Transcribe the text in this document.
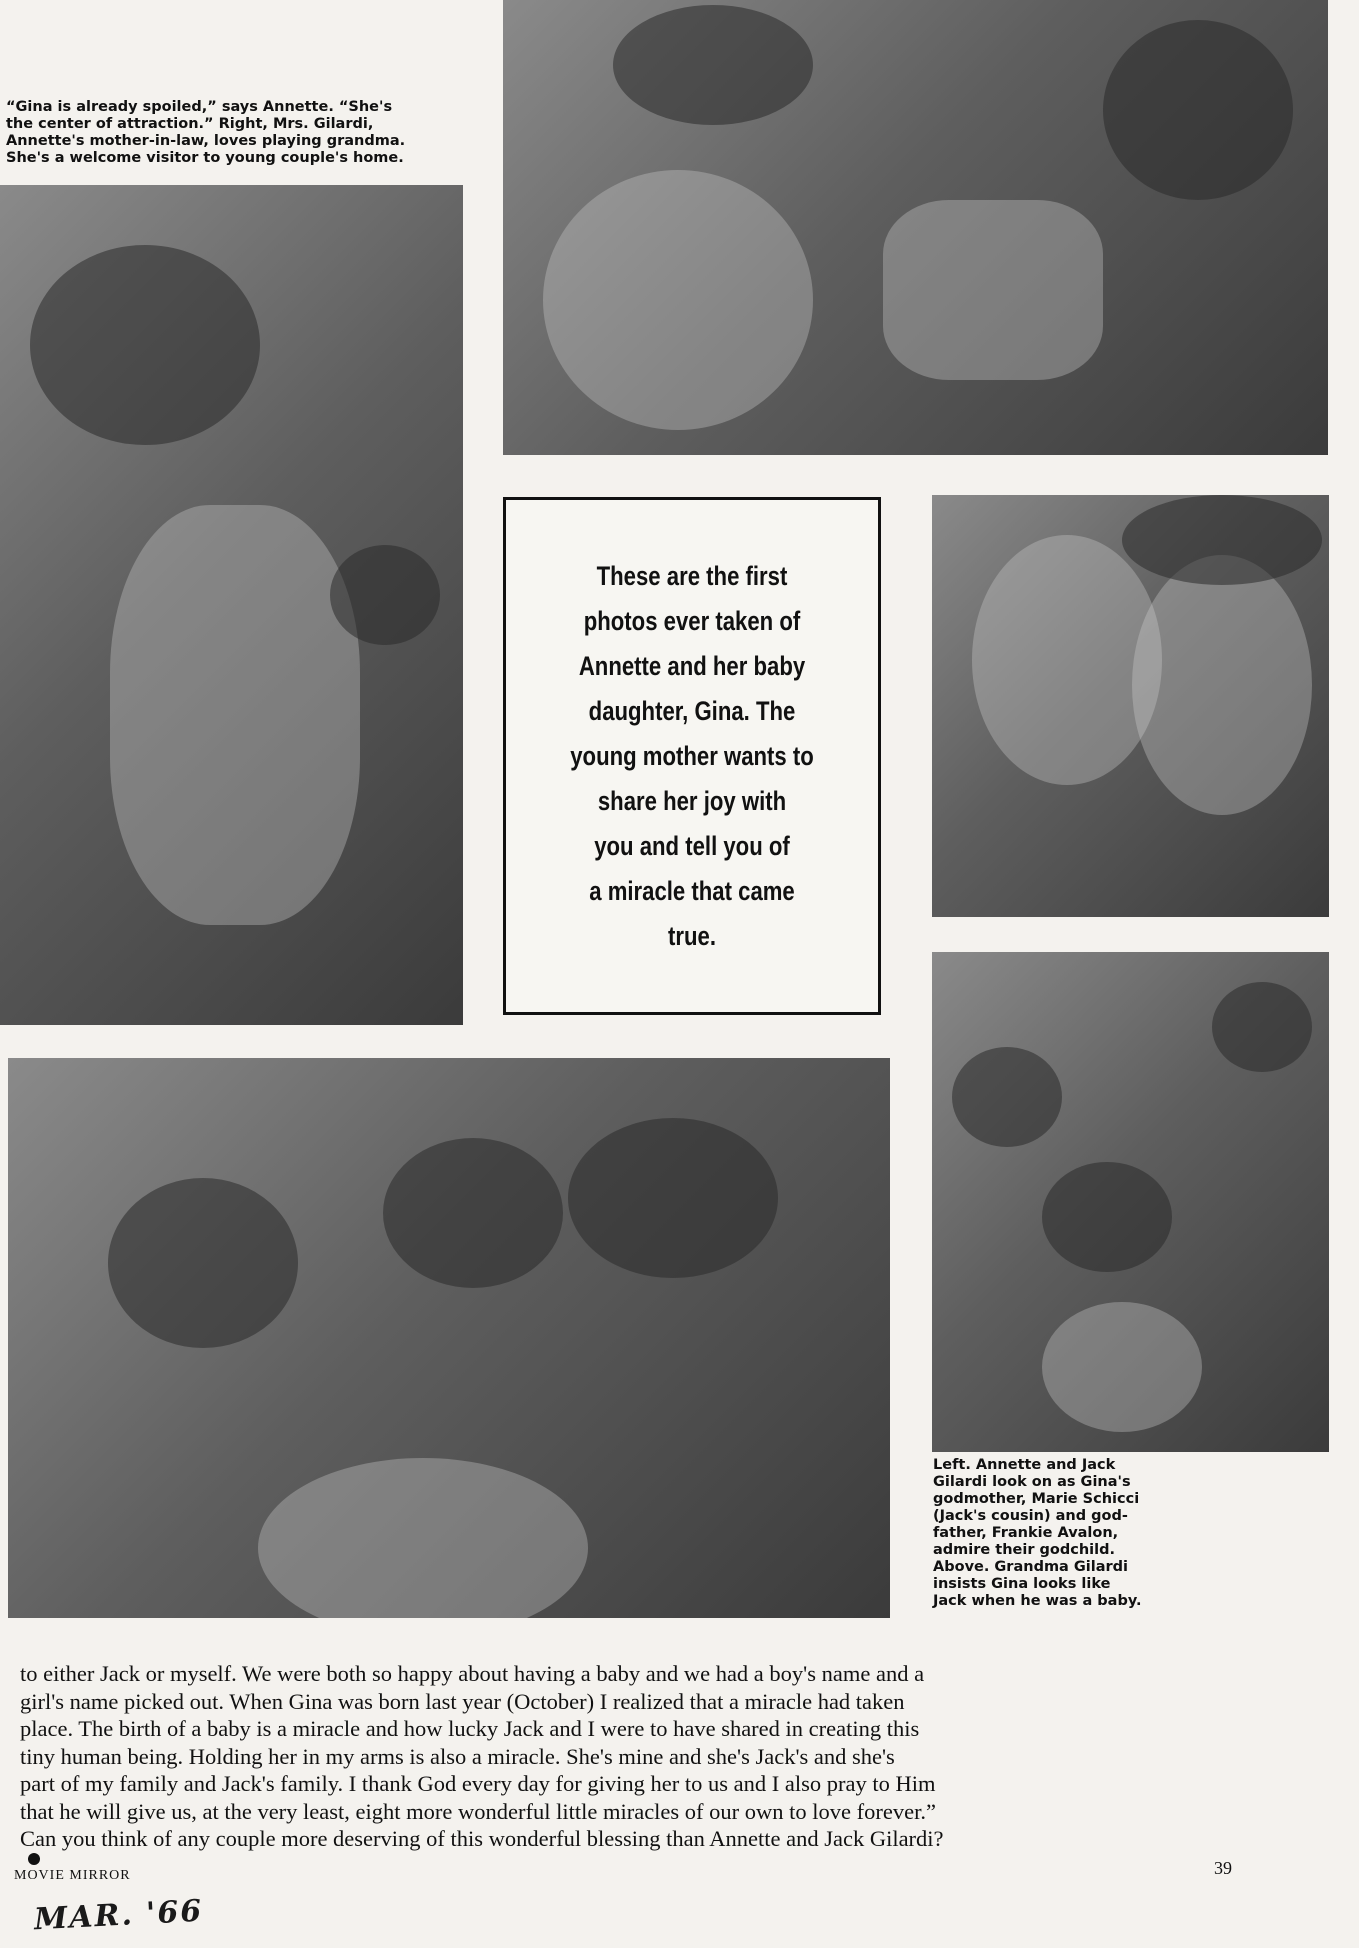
“Gina is already spoiled,” says Annette. “She's
the center of attraction.” Right, Mrs. Gilardi,
Annette's mother-in-law, loves playing grandma.
She's a welcome visitor to young couple's home.
These are the first
photos ever taken of
Annette and her baby
daughter, Gina. The
young mother wants to
share her joy with
you and tell you of
a miracle that came true.
Left. Annette and Jack
Gilardi look on as Gina's
godmother, Marie Schicci
(Jack's cousin) and god-
father, Frankie Avalon,
admire their godchild.
Above. Grandma Gilardi
insists Gina looks like
Jack when he was a baby.
to either Jack or myself. We were both so happy about having a baby and we had a boy's name and a
girl's name picked out. When Gina was born last year (October) I realized that a miracle had taken
place. The birth of a baby is a miracle and how lucky Jack and I were to have shared in creating this
tiny human being. Holding her in my arms is also a miracle. She's mine and she's Jack's and she's
part of my family and Jack's family. I thank God every day for giving her to us and I also pray to Him
that he will give us, at the very least, eight more wonderful little miracles of our own to love forever.”
Can you think of any couple more deserving of this wonderful blessing than Annette and Jack Gilardi?
MOVIE MIRROR	39
MAR. '66
